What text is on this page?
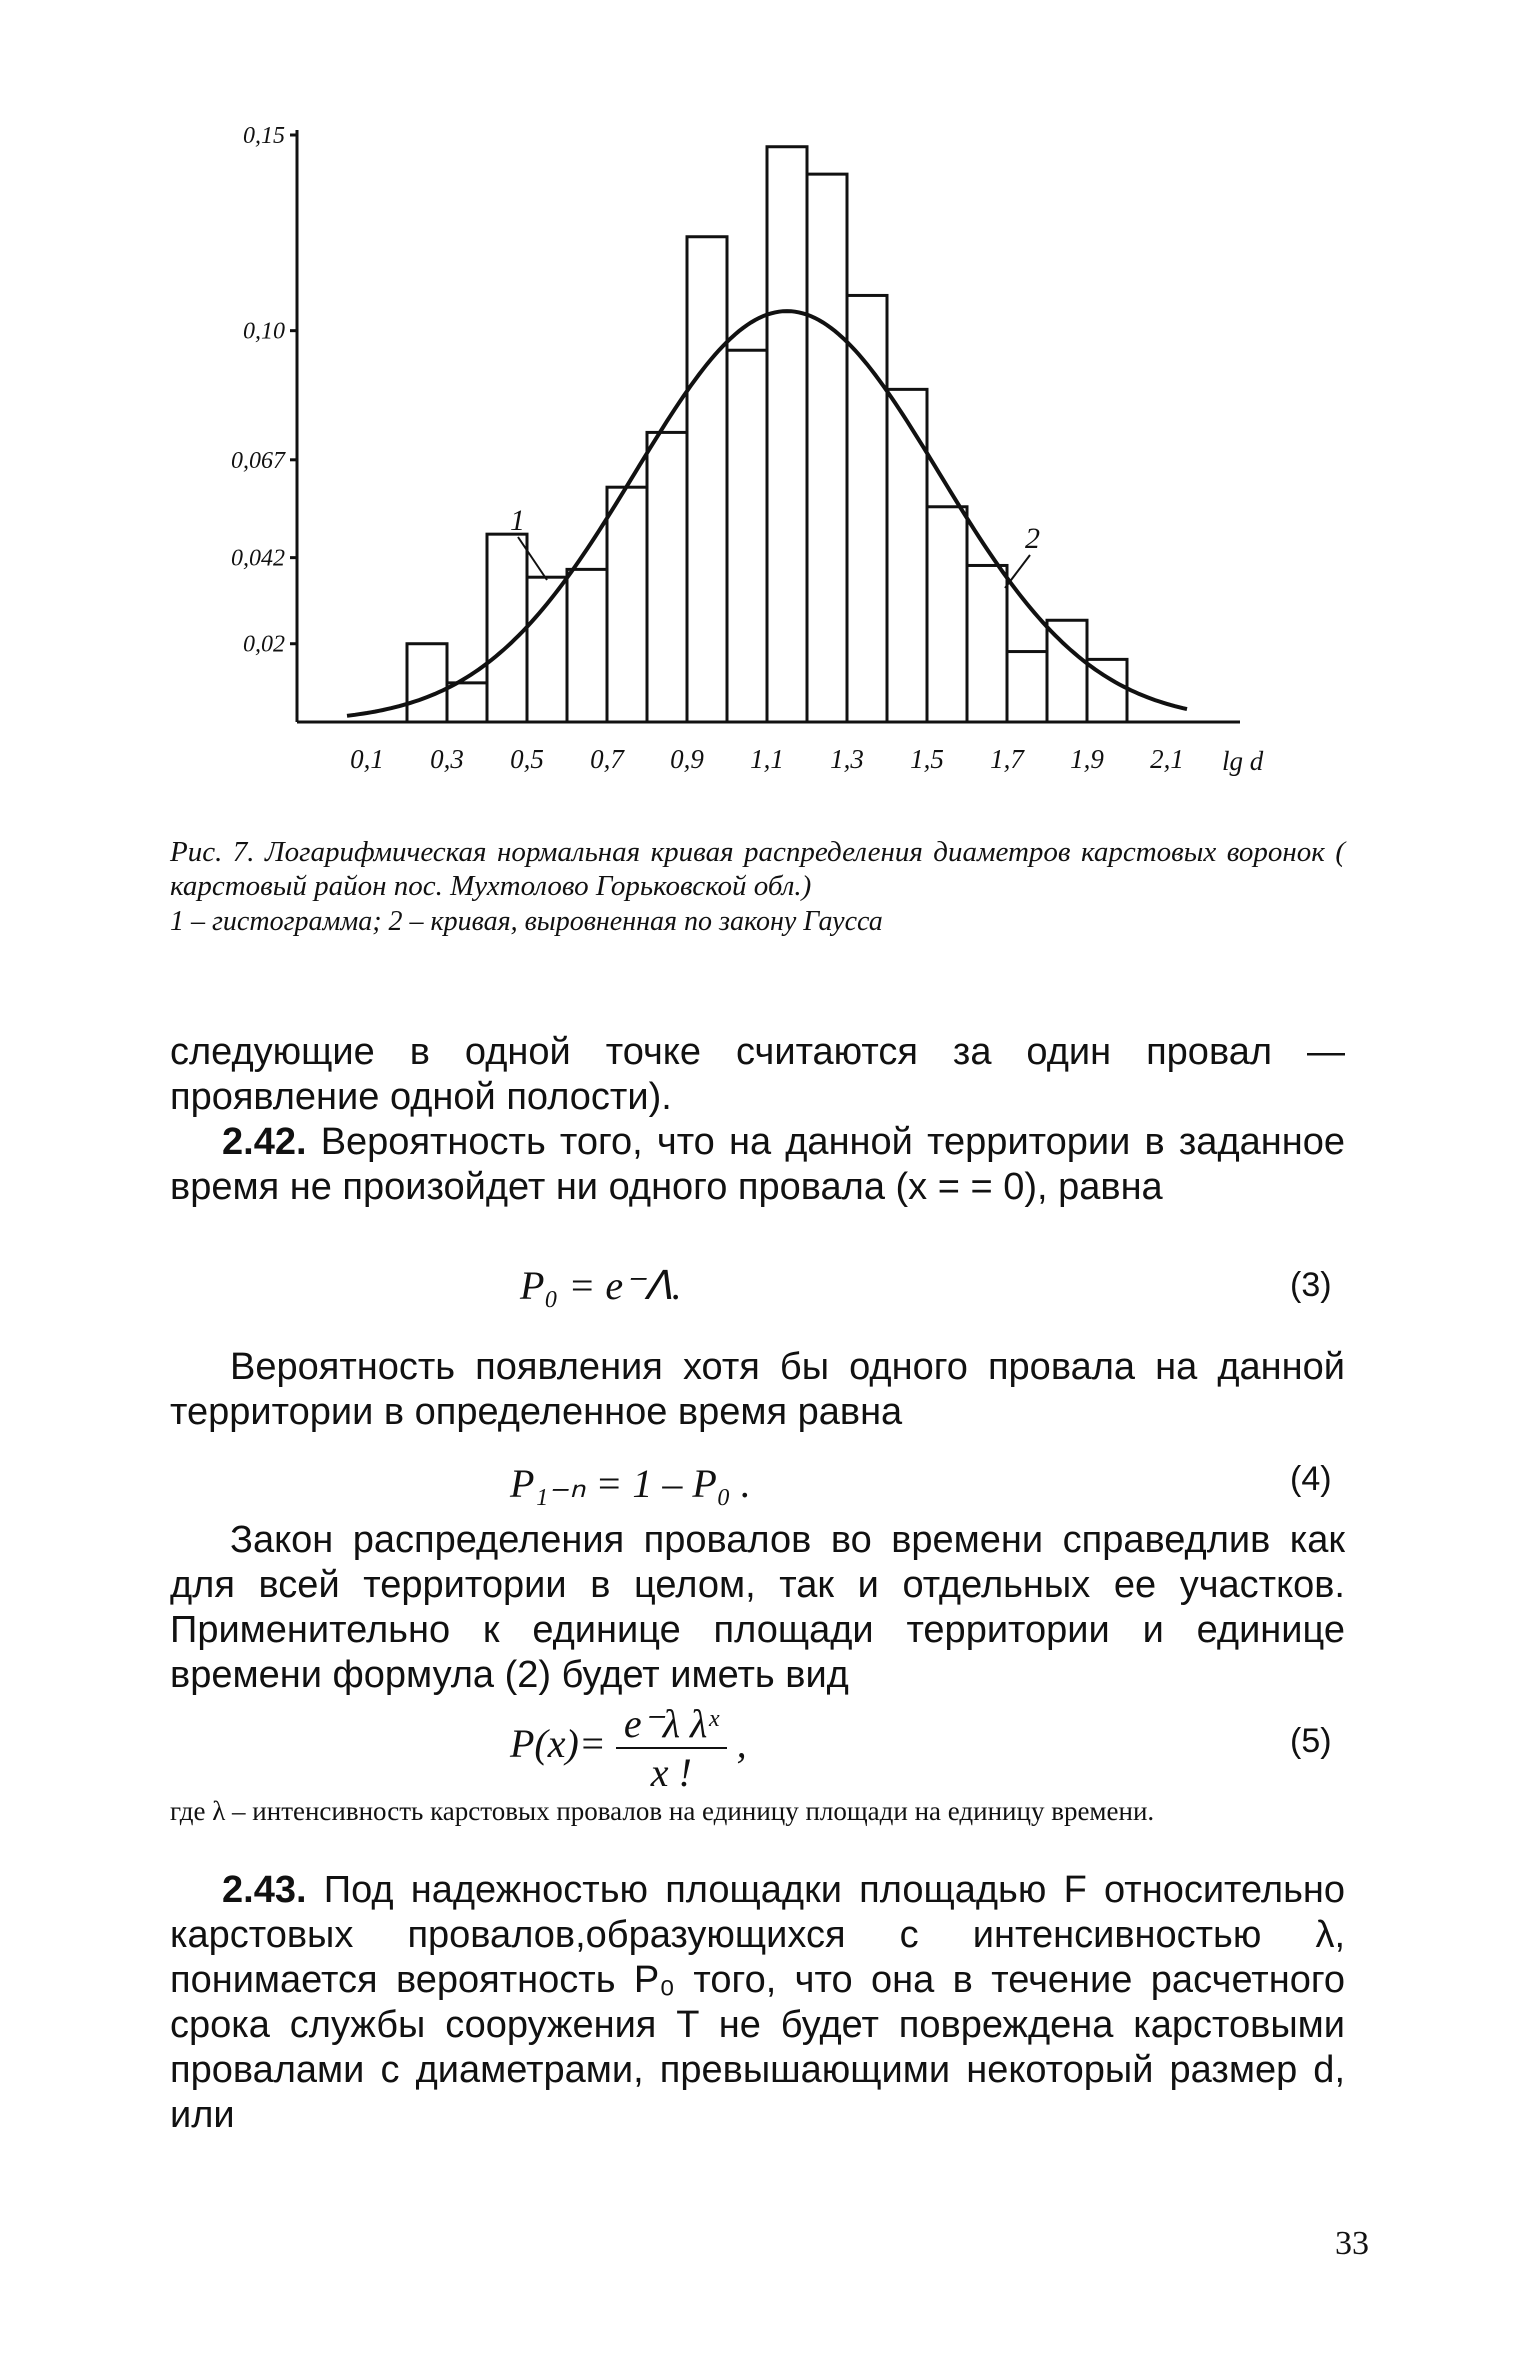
0,15
0,10
0,067
0,042
0,02
0,1 0,3 0,5 0,7 0,9 1,1 1,3 1,5 1,7 1,9 2,1 lg d
1
2

Рис. 7. Логарифмическая нормальная кривая распределения диаметров карстовых воронок ( карстовый район пос. Мухтолово Горьковской обл.)

1 – гистограмма; 2 – кривая, выровненная по закону Гаусса

следующие в одной точке считаются за один провал — проявление одной полости).

2.42. Вероятность того, что на данной территории в заданное время не произойдет ни одного провала (x = = 0), равна

P₀ = e⁻ᐱ.	(3)

Вероятность появления хотя бы одного провала на данной территории в определенное время равна

P₁₋ₙ = 1 – P₀ .	(4)

Закон распределения провалов во времени справедлив как для всей территории в целом, так и отдельных ее участков. Применительно к единице площади территории и единице времени формула (2) будет иметь вид

$P(x)= \frac{\text{e⁻λ λˣ}}{x !}$ ,	(5)

где λ – интенсивность карстовых провалов на единицу площади на единицу времени.

2.43. Под надежностью площадки площадью F относительно карстовых провалов,образующихся с интенсивностью λ, понимается вероятность P₀ того, что она в течение расчетного срока службы сооружения T не будет повреждена карстовыми провалами с диаметрами, превышающими некоторый размер d, или

33
